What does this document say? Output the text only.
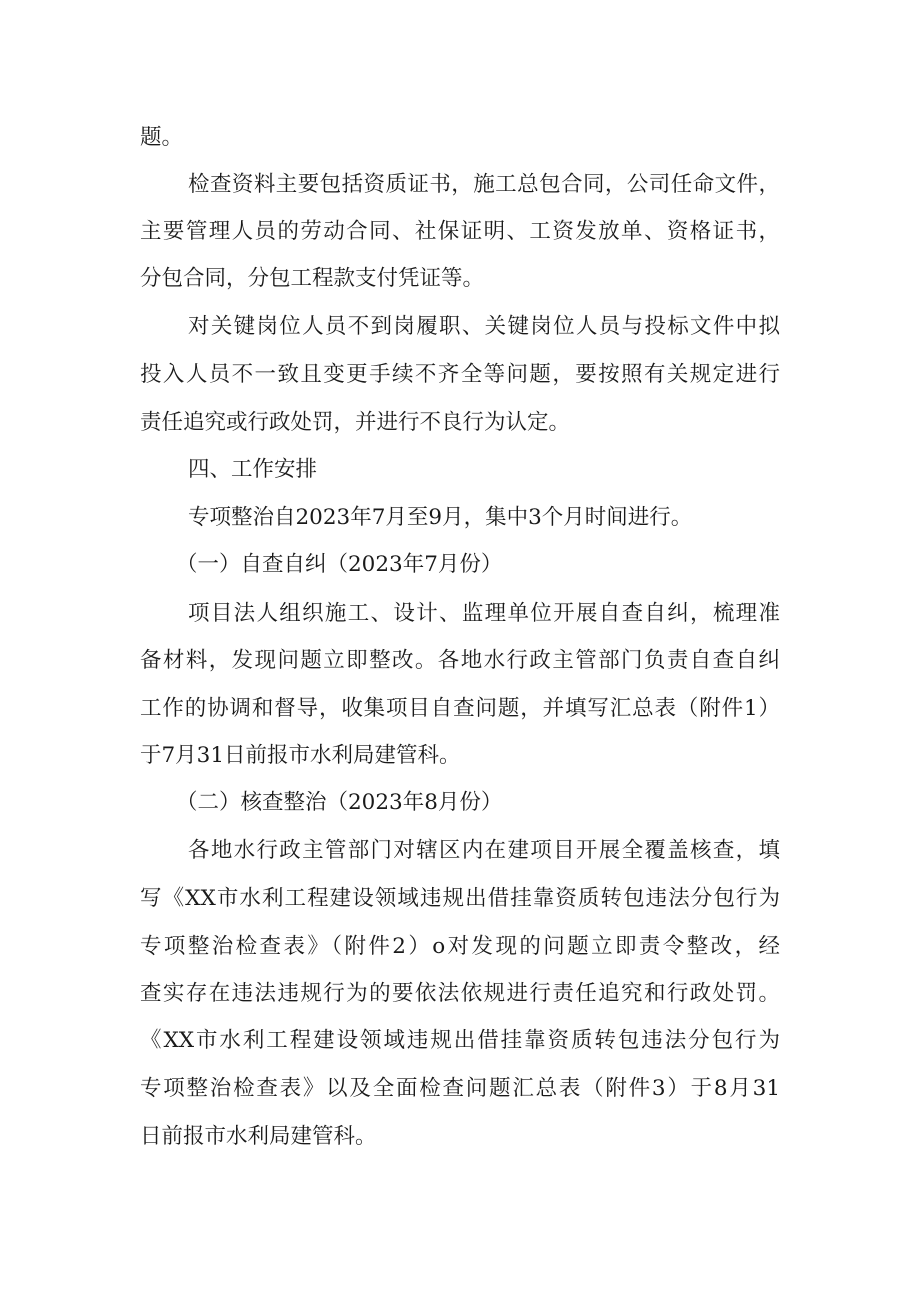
题。
检查资料主要包括资质证书，施工总包合同，公司任命文件，
主要管理人员的劳动合同、社保证明、工资发放单、资格证书，
分包合同，分包工程款支付凭证等。
对关键岗位人员不到岗履职、关键岗位人员与投标文件中拟
投入人员不一致且变更手续不齐全等问题，要按照有关规定进行
责任追究或行政处罚，并进行不良行为认定。
四、工作安排
专项整治自2023年7月至9月，集中3个月时间进行。
（一）自查自纠（2023年7月份）
项目法人组织施工、设计、监理单位开展自查自纠，梳理准
备材料，发现问题立即整改。各地水行政主管部门负责自查自纠
工作的协调和督导，收集项目自查问题，并填写汇总表（附件1）
于7月31日前报市水利局建管科。
（二）核查整治（2023年8月份）
各地水行政主管部门对辖区内在建项目开展全覆盖核查，填
写《XX市水利工程建设领域违规出借挂靠资质转包违法分包行为
专项整治检查表》（附件2）o对发现的问题立即责令整改，经
查实存在违法违规行为的要依法依规进行责任追究和行政处罚。
《XX市水利工程建设领域违规出借挂靠资质转包违法分包行为
专项整治检查表》以及全面检查问题汇总表（附件3）于8月31
日前报市水利局建管科。
